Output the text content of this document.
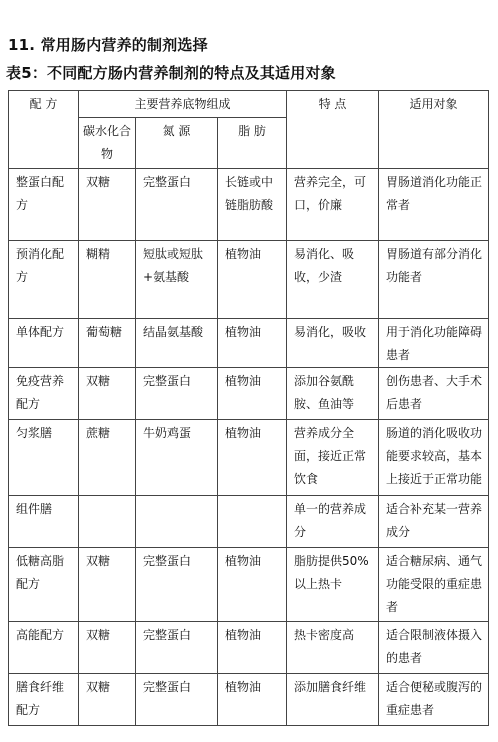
11. 常用肠内营养的制剂选择
表5：不同配方肠内营养制剂的特点及其适用对象
配 方	主要营养底物组成			特 点	适用对象
	碳水化合物	氮 源	脂 肪		
整蛋白配方	双糖	完整蛋白	长链或中链脂肪酸	营养完全，可口，价廉	胃肠道消化功能正常者
预消化配方	糊精	短肽或短肽+氨基酸	植物油	易消化、吸收，少渣	胃肠道有部分消化功能者
单体配方	葡萄糖	结晶氨基酸	植物油	易消化，吸收	用于消化功能障碍患者
免疫营养配方	双糖	完整蛋白	植物油	添加谷氨酰胺、鱼油等	创伤患者、大手术后患者
匀浆膳	蔗糖	牛奶鸡蛋	植物油	营养成分全面，接近正常饮食	肠道的消化吸收功能要求较高，基本上接近于正常功能
组件膳				单一的营养成分	适合补充某一营养成分
低糖高脂配方	双糖	完整蛋白	植物油	脂肪提供50%以上热卡	适合糖尿病、通气功能受限的重症患者
高能配方	双糖	完整蛋白	植物油	热卡密度高	适合限制液体摄入的患者
膳食纤维配方	双糖	完整蛋白	植物油	添加膳食纤维	适合便秘或腹泻的重症患者
